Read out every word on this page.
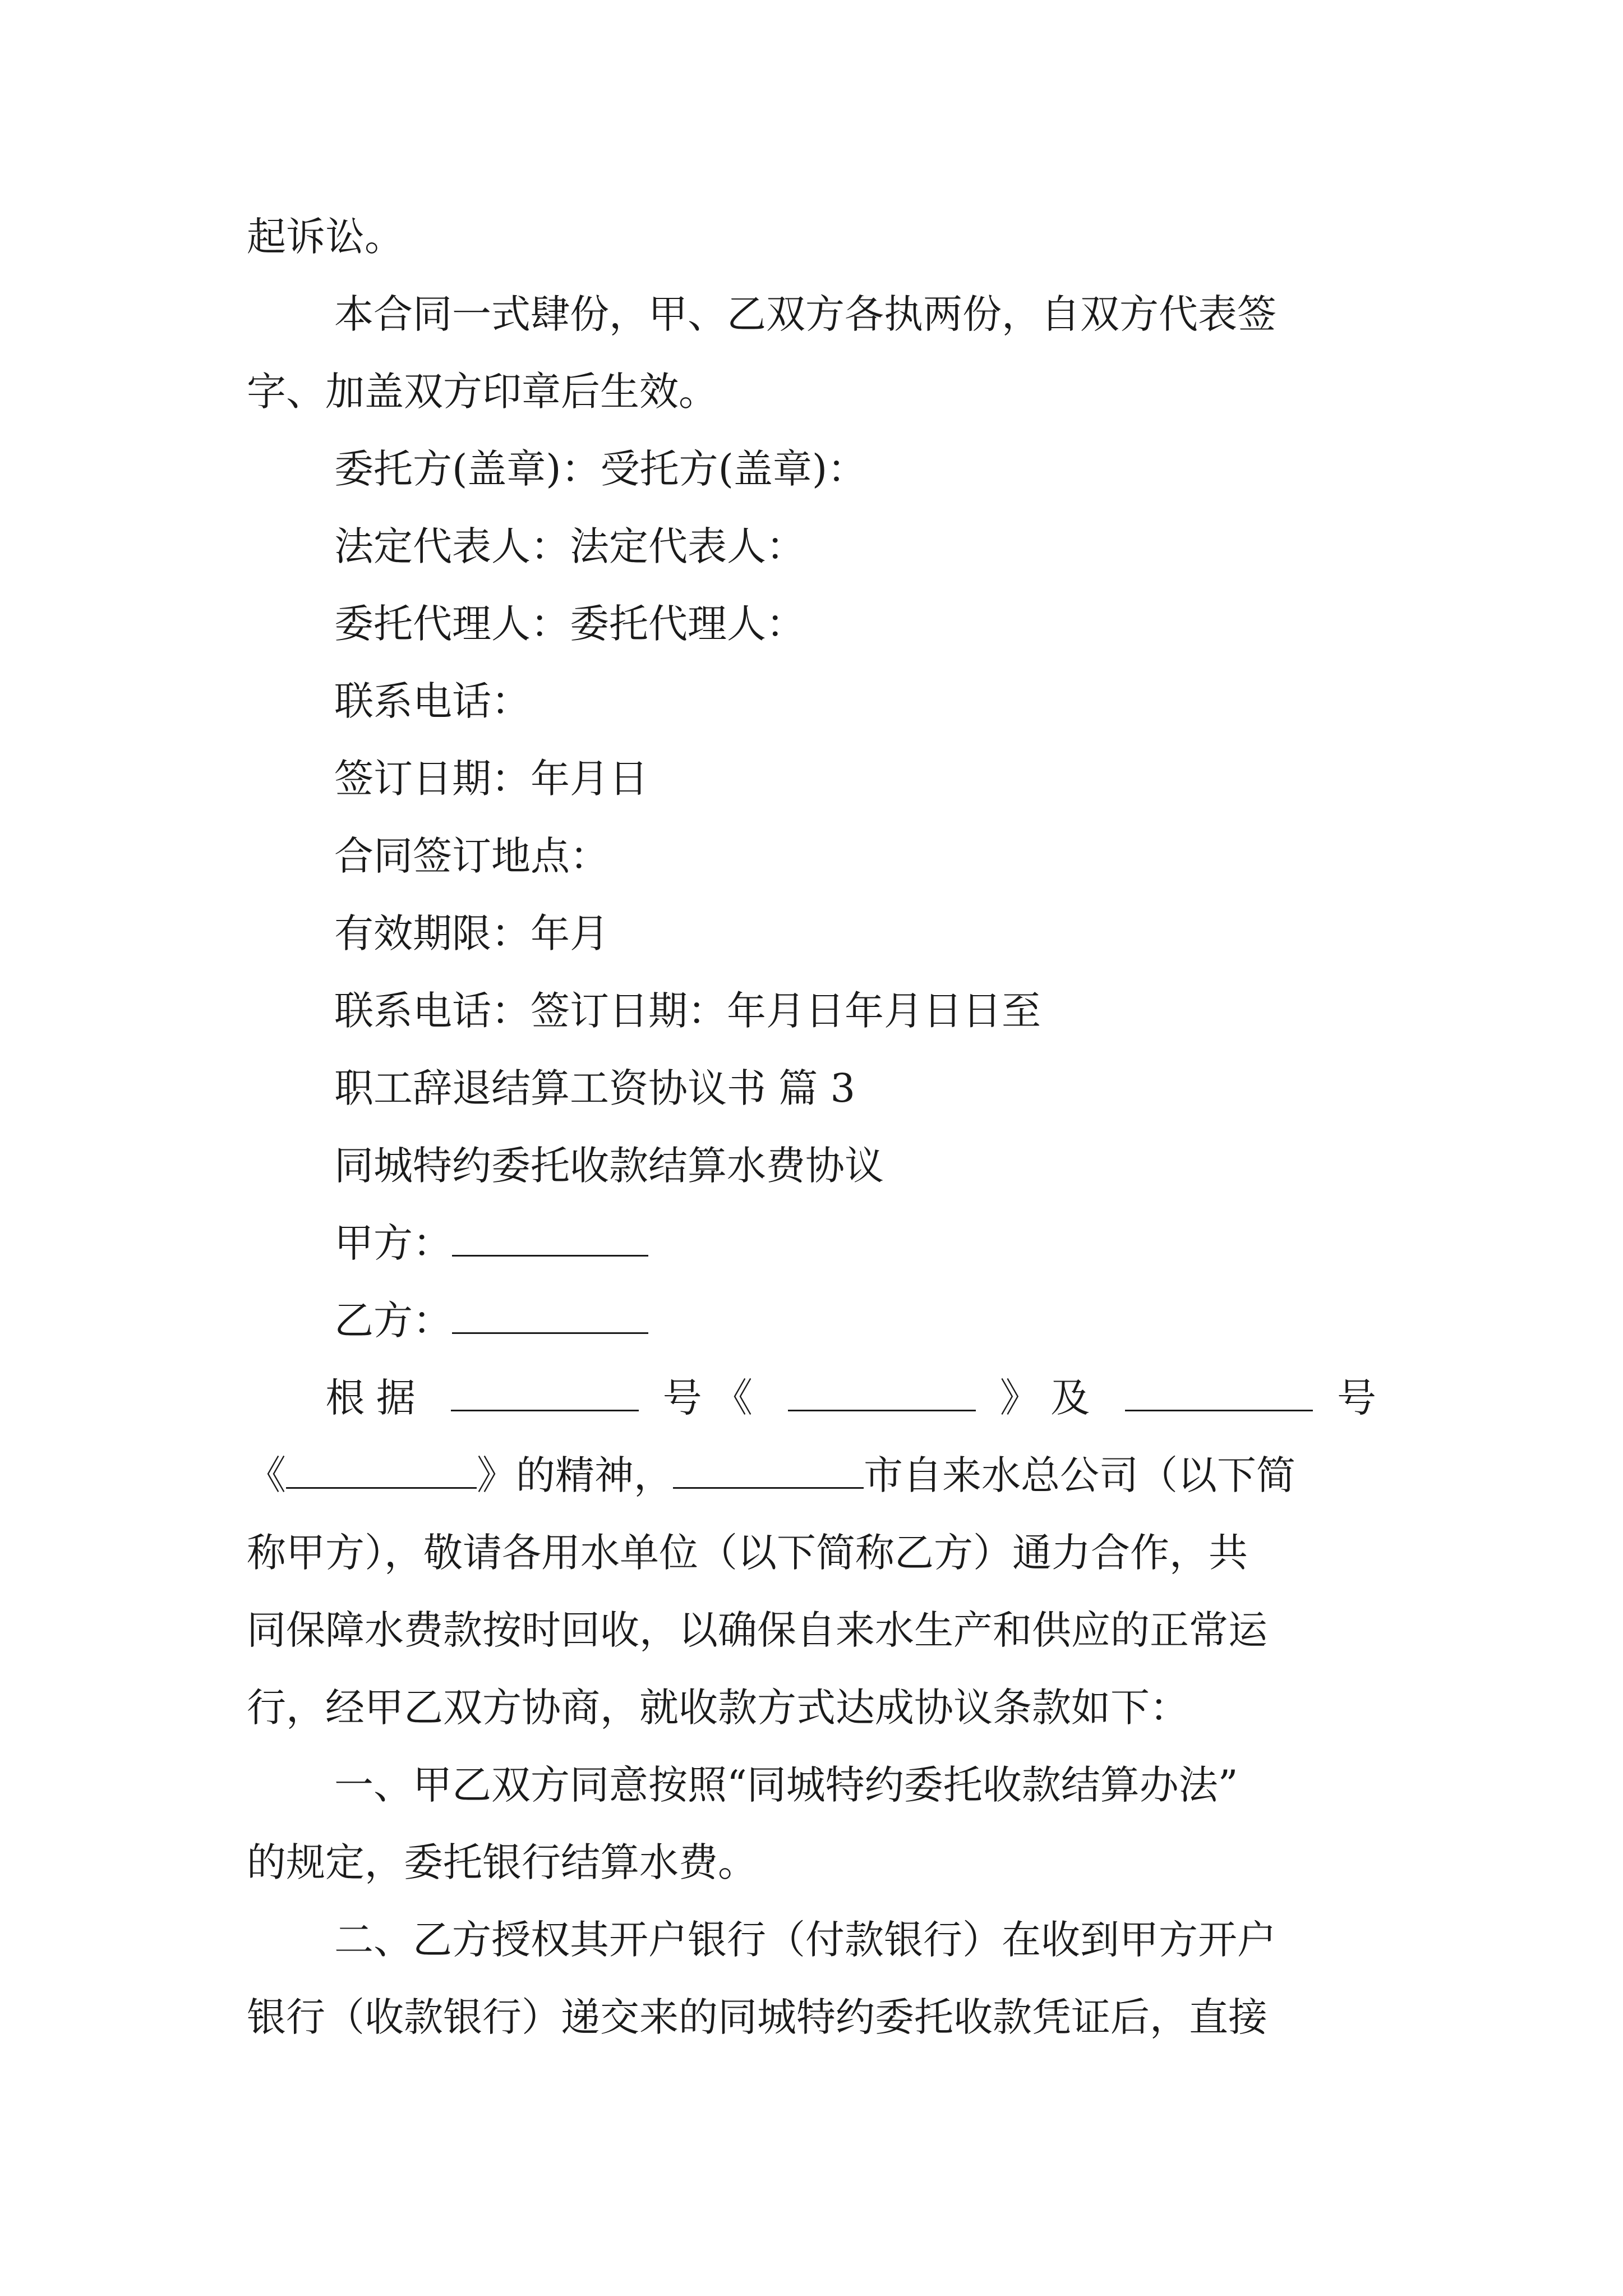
起诉讼。
本合同一式肆份，甲、乙双方各执两份，自双方代表签
字、加盖双方印章后生效。
委托方(盖章)：受托方(盖章)：
法定代表人：法定代表人：
委托代理人：委托代理人：
联系电话：
签订日期：年月日
合同签订地点：
有效期限：年月
联系电话：签订日期：年月日年月日日至
职工辞退结算工资协议书 篇 3
同城特约委托收款结算水费协议
甲方：
乙方：
根据	号《	》及	号
《	》的精神，	市自来水总公司（以下简
称甲方），敬请各用水单位（以下简称乙方）通力合作，共
同保障水费款按时回收，以确保自来水生产和供应的正常运
行，经甲乙双方协商，就收款方式达成协议条款如下：
一、甲乙双方同意按照“同城特约委托收款结算办法”
的规定，委托银行结算水费。
二、乙方授权其开户银行（付款银行）在收到甲方开户
银行（收款银行）递交来的同城特约委托收款凭证后，直接
